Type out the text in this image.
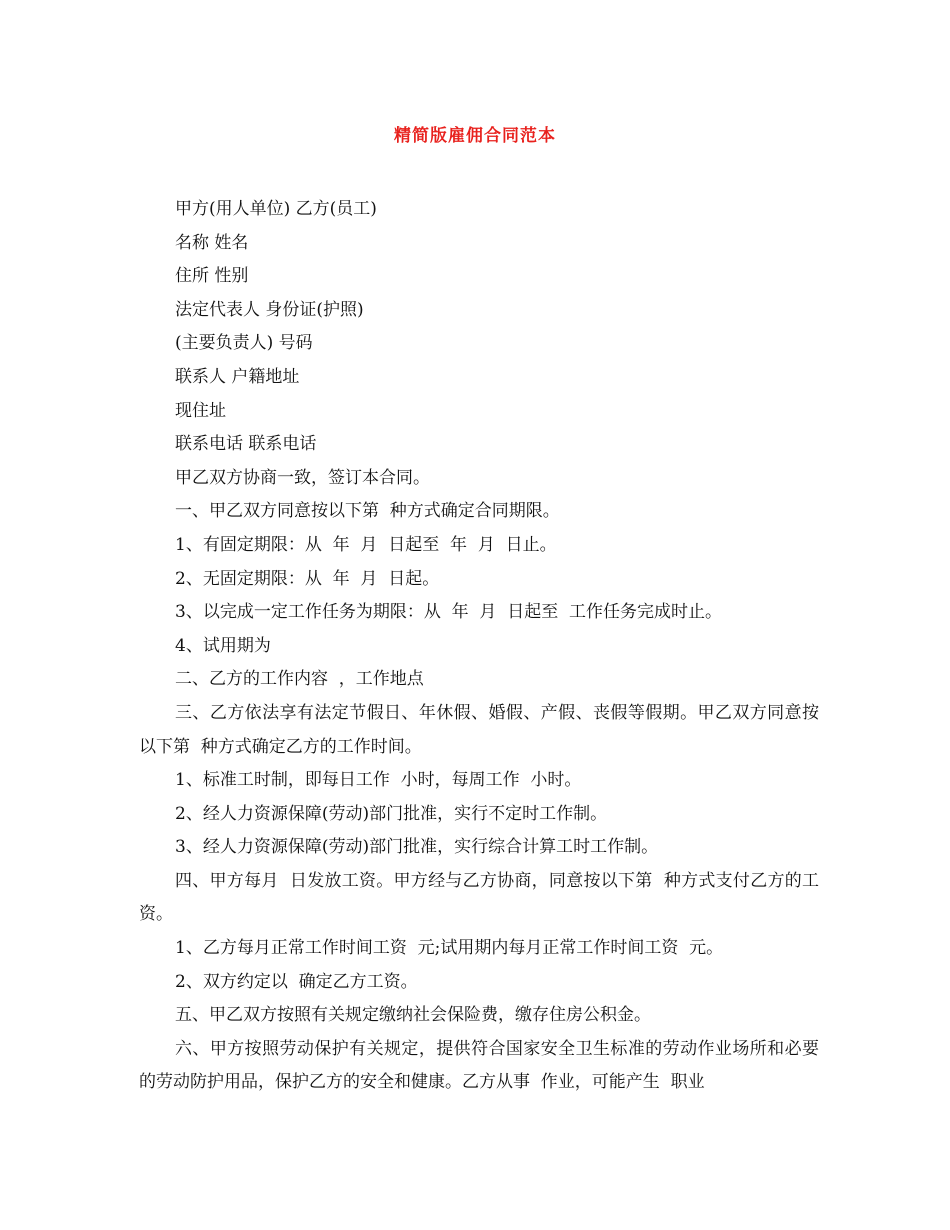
精简版雇佣合同范本

甲方(用人单位) 乙方(员工)

名称 姓名

住所 性别

法定代表人 身份证(护照)

(主要负责人) 号码

联系人 户籍地址

现住址

联系电话 联系电话

甲乙双方协商一致，签订本合同。

一、甲乙双方同意按以下第  种方式确定合同期限。

1、有固定期限：从  年  月  日起至  年  月  日止。

2、无固定期限：从  年  月  日起。

3、以完成一定工作任务为期限：从  年  月  日起至  工作任务完成时止。

4、试用期为

二、乙方的工作内容  ，工作地点

三、乙方依法享有法定节假日、年休假、婚假、产假、丧假等假期。甲乙双方同意按以下第  种方式确定乙方的工作时间。

1、标准工时制，即每日工作  小时，每周工作  小时。

2、经人力资源保障(劳动)部门批准，实行不定时工作制。

3、经人力资源保障(劳动)部门批准，实行综合计算工时工作制。

四、甲方每月  日发放工资。甲方经与乙方协商，同意按以下第  种方式支付乙方的工资。

1、乙方每月正常工作时间工资  元;试用期内每月正常工作时间工资  元。

2、双方约定以  确定乙方工资。

五、甲乙双方按照有关规定缴纳社会保险费，缴存住房公积金。

六、甲方按照劳动保护有关规定，提供符合国家安全卫生标准的劳动作业场所和必要的劳动防护用品，保护乙方的安全和健康。乙方从事  作业，可能产生  职业
